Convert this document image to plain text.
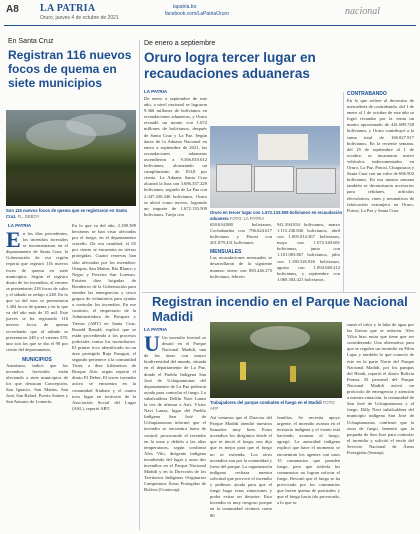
A8 LA PATRIA
Oruro, jueves 4 de octubre de 2021
lapatria.bo
facebook.com/LaPatriaOruro	nacional
En Santa Cruz
Registran 116 nuevos focos de quema en siete municipios
Son 116 nuevos focos de quema que se registraron en Santa Cruz. FL. DEBOY
LA PATRIA
En los días precedentes, los incendios forestales se incrementaron en el departamento de Santa Cruz, la Gobernación de esa región reporta que registró 116 nuevos focos de quema en siete municipios. Según el registro diario de los incendios, al viernes se presentaron 218 focos de calor y el sábado se redujo a 248. En lo que va del mes se presentaron 1.404 focos de quema y en lo que va del año más de 35 mil. Este jueves se ha registrado 116 nuevos focos de quema recordando que al sábado se presentaron 248 y el viernes 378, uno son los que se dio el 98 por ciento del departamento.
MUNICIPIOS
Asimismo, indicó que los incendios forestales están afectando a siete municipios de los que destacan Concepción, San Ignacio, San Matías, San José, San Rafael, Puerto Suárez y San Antonio de Lomerío.
En lo que va del año, 2.188.389 hectáreas se han visto afectadas por el fuego, en el departamento cruceño. De esa cantidad, el 65 por ciento se encuentra en tierras protegidas. Cuatro reservas han sido afectadas por los incendios: Otuquis, San Matías, Río Blanco y Negro y Ferreira San Lorenzo. Existen diez brigadas de Bomberos de la Gobernación para atender las emergencias y cinco grupos de voluntarios para ayudar a controlar los incendios. En ese contexto, el empresario de la Administradora de Bosques y Tierras (ABT) en Santa Cruz, Ronald Ranald, explicó que se están procediendo a los procesos judiciales contra los incendiarios. El primer foco identificado en un área protegida Rajo Paraguá, el segundo pertenece a la comunidad Tirari, a diez kilómetros de Bosque Alto, según reportó el diario El Deber. El tercer incendio activo se encuentra en la comunidad Kiabare y el cuarto tuvo lugar en territorio de la Asociación Social del Lugar (ASL), reportó ABT.
De enero a septiembre
Oruro logra tercer lugar en recaudaciones aduaneras
LA PATRIA
De enero a septiembre de este año, a nivel nacional se lograron 9.366 millones de bolivianos en recaudaciones aduaneras, y Oruro recaudó un monto con 1.672 millones de bolivianos, después de Santa Cruz y La Paz. Según datos de la Aduana Nacional en enero a septiembre de 2021, las recaudaciones aduaneras ascendieron a 9.366.810.612 bolivianos, alcanzando un cumplimiento de 103,8 por ciento. La Aduana Santa Cruz alcanzó la lista con 3.686.337.229 bolivianos, seguido de La Paz con 2.347.430.446 bolivianos, Oruro se ubicó como tercero, logrando un importe de 1.672.133.509 bolivianos, Tarija con	Oruro en tercer lugar con 1.672.133.509 bolivianos en recaudación aduanera FOTO: LA PATRIA
650.634.880 bolivianos, Cochabamba con 796.624.617 bolivianos y Potosí con 201.879.431 bolivianos.
MENSUALES
Las recaudaciones mensuales se desarrollaron de la siguiente manera: enero con 883.446.275 bolivianos, febrero
941.394.834 bolivianos, marzo 1.115.236.846 bolivianos, abril con 1.005.014.367 bolivianos, mayo con 1.072.349.681 bolivianos, junio con 1.101.083.867 bolivianos, julio con 1.180.526.926 bolivianos, agosto con 1.094.040.212 bolivianos, y septiembre con 1.060.304.421 bolivianos.
CONTRABANDO
En lo que refiere al decomiso de mercadería de contrabando, del 1 de enero al 1 de octubre de este año se logró recaudar por la venta un monto aproximado de 441.689.728 bolivianos, y Oruro contribuyó a la suma total de 166.827.917 bolivianos. En la reciente semana, del 25 de septiembre al 1 de octubre, se incautaron nueve vehículos indocumentados en Oruro, La Paz, Potosí, Chuquisaca y Santa Cruz con un valor de 666.902 bolivianos. En esa misma semana también se decomisaron accesorios para celulares, artículos electrónicos, rines y neumáticos de fabricación extranjera en Oruro, Potosí, La Paz y Santa Cruz.
Registran incendio en el Parque Nacional Madidi
LA PATRIA
U Un incendio forestal se desató en el Parque Nacional Madidi, una de las áreas con mayor biodiversidad del mundo, situada en el departamento de La Paz, donde el Pueblo Indígena San José de Uchupiamonas del departamento de La Paz pidieron ayuda para controlar el fuego. La subalcaldesa Delfín Navi Lanza la vez de afirmar a Asís. Víctor Navi Lanza, lugar del Pueblo Indígena San José de Uchupiamonas informó que el incendio se encuentra fuera de control, provocando el incendio en la zona y debido a las altas temperaturas, según confirmó Alex Vilo, dirigente indígena invadiendo del lugar y unos dos incendios en el Parque Nacional Madidi y en la Dirección de los Territorios Indígenas Originarios Campesinos Áreas Protegidas de Bolivia (Contocap).
Trabajadores del parque combaten el fuego en el Madidi FOTO: AFP
Así venimos que el Director del Parque Madidi atendió nuestros llamados muy bien. Estos incendios los dirigimos desde el que se inició el fuego, nos dijo que es mejor para que el fuego no se extienda, Los otros incendios son por la comunidad y fuera del parque. La organización indígena rechaza nuestra solicitud que provocó el incendio y pedimos ayuda para que el fuego hago estas situaciones y poder evitar un desastre. Esto incendio es muy riesgoso porque en la comunidad vivimos como 80
familias. Se necesita apoyo urgente, el incendio avanza en el territorio indígena y el viento está haciendo avanzar el fuego, agregó. La autoridad indígena explicó que hace el momento se encuentran los agentes con unos 15 comunarios que prenden fuego, pero que todavía los comunarios no logran sofocar el fuego. Rescató que el fuego se ha provocado por los comunarios que hacen quema de pastizales y que el fuego hacia ido provocado, a lo que se
sumó el calor y la falta de agua por las lluvias que se reducen. Alex Vilca hizo notar que tiene que ser considerando Una alternativa para que se regulen un incendio en Pilón Lajas y también lo que conoció de éste en la parte Norte del Parque Nacional Madidi, por los pampas del Heath, reportó el diario Bolivia Prensa. El personal del Parque Nacional Madidi activó un protocolo de emergencia y atención a nuestra situación, la comunidad de San José de Uchupiamonas y al fuego. Dilly Navi subalcaldesa del municipio indígena San José de Uchupiamonas, confirmó que la zona de fuego, lamentó que la pequeña de San Jose para controlar el incendio y solicitó el envío del Servicio Nacional de Áreas Protegidas (Sernap).
